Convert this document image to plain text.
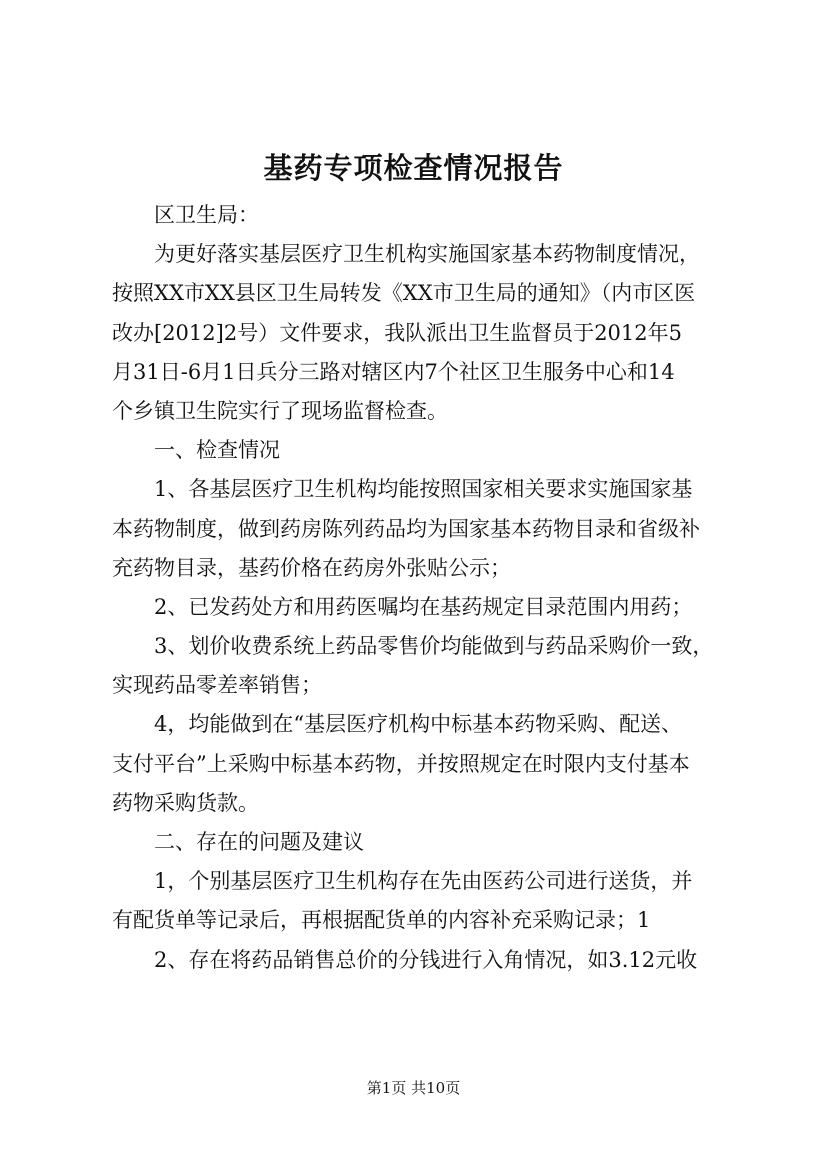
基药专项检查情况报告
区卫生局：
为更好落实基层医疗卫生机构实施国家基本药物制度情况，
按照XX市XX县区卫生局转发《XX市卫生局的通知》（内市区医
改办[2012]2号）文件要求，我队派出卫生监督员于2012年5
月31日-6月1日兵分三路对辖区内7个社区卫生服务中心和14
个乡镇卫生院实行了现场监督检查。
一、检查情况
1、各基层医疗卫生机构均能按照国家相关要求实施国家基
本药物制度，做到药房陈列药品均为国家基本药物目录和省级补
充药物目录，基药价格在药房外张贴公示；
2、已发药处方和用药医嘱均在基药规定目录范围内用药；
3、划价收费系统上药品零售价均能做到与药品采购价一致，
实现药品零差率销售；
4，均能做到在“基层医疗机构中标基本药物采购、配送、
支付平台”上采购中标基本药物，并按照规定在时限内支付基本
药物采购货款。
二、存在的问题及建议
1，个别基层医疗卫生机构存在先由医药公司进行送货，并
有配货单等记录后，再根据配货单的内容补充采购记录；1
2、存在将药品销售总价的分钱进行入角情况，如3.12元收
第1页 共10页
